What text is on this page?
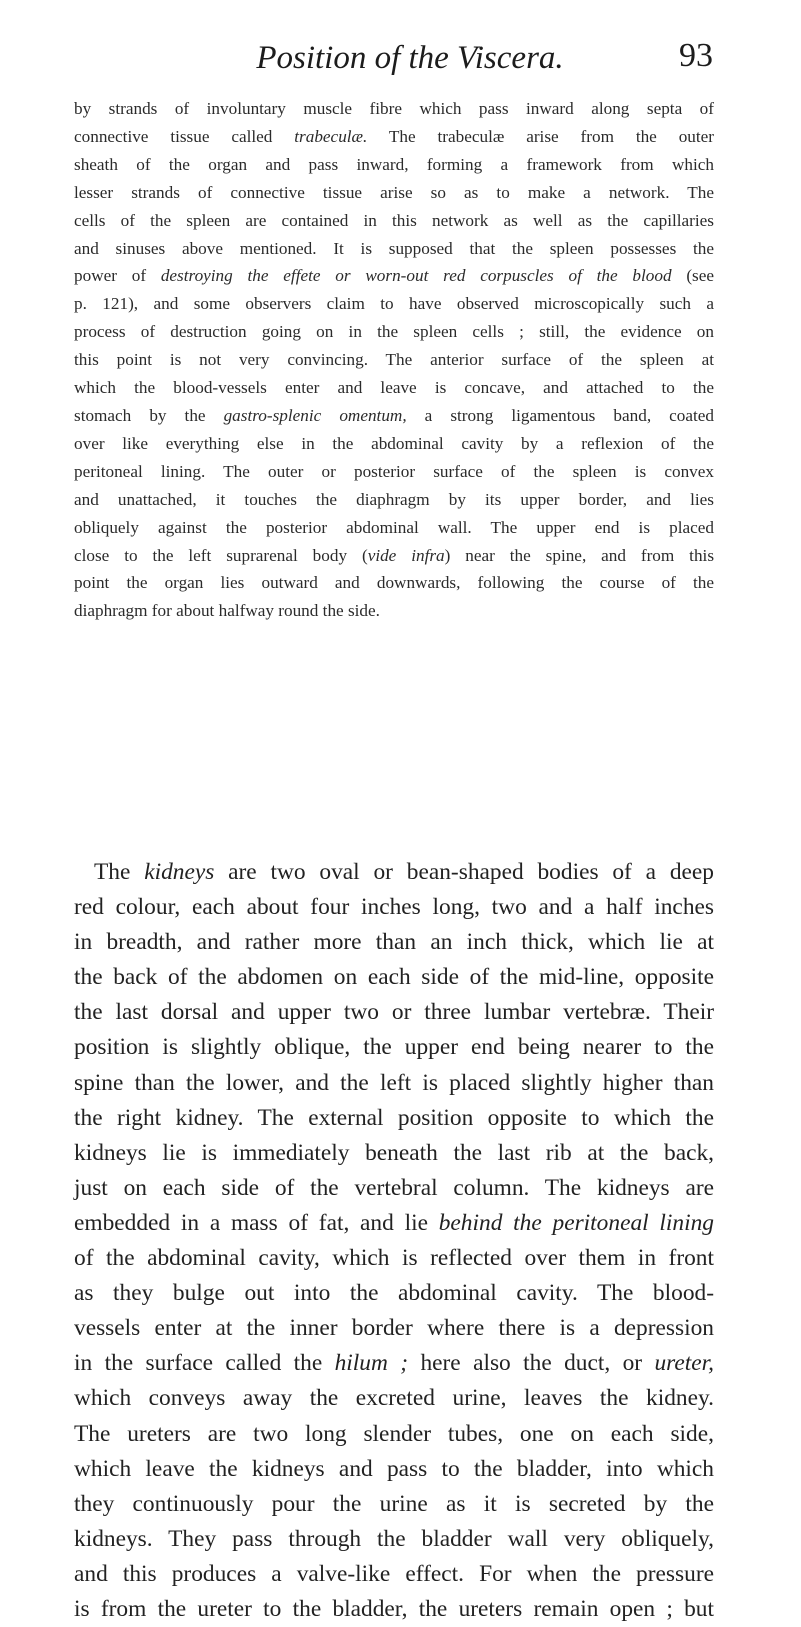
Position of the Viscera.	93
by strands of involuntary muscle fibre which pass inward along septa of
connective tissue called trabeculæ. The trabeculæ arise from the outer
sheath of the organ and pass inward, forming a framework from which
lesser strands of connective tissue arise so as to make a network. The
cells of the spleen are contained in this network as well as the capillaries
and sinuses above mentioned. It is supposed that the spleen possesses the
power of destroying the effete or worn-out red corpuscles of the blood (see
p. 121), and some observers claim to have observed microscopically such a
process of destruction going on in the spleen cells ; still, the evidence on
this point is not very convincing. The anterior surface of the spleen at
which the blood-vessels enter and leave is concave, and attached to the
stomach by the gastro-splenic omentum, a strong ligamentous band, coated
over like everything else in the abdominal cavity by a reflexion of the
peritoneal lining. The outer or posterior surface of the spleen is convex
and unattached, it touches the diaphragm by its upper border, and lies
obliquely against the posterior abdominal wall. The upper end is placed
close to the left suprarenal body (vide infra) near the spine, and from this
point the organ lies outward and downwards, following the course of the
diaphragm for about halfway round the side.
The kidneys are two oval or bean-shaped bodies of a deep
red colour, each about four inches long, two and a half inches
in breadth, and rather more than an inch thick, which lie at
the back of the abdomen on each side of the mid-line, opposite
the last dorsal and upper two or three lumbar vertebræ. Their
position is slightly oblique, the upper end being nearer to the
spine than the lower, and the left is placed slightly higher than
the right kidney. The external position opposite to which the
kidneys lie is immediately beneath the last rib at the back,
just on each side of the vertebral column. The kidneys are
embedded in a mass of fat, and lie behind the peritoneal lining
of the abdominal cavity, which is reflected over them in front
as they bulge out into the abdominal cavity. The blood-
vessels enter at the inner border where there is a depression
in the surface called the hilum ; here also the duct, or ureter,
which conveys away the excreted urine, leaves the kidney.
The ureters are two long slender tubes, one on each side,
which leave the kidneys and pass to the bladder, into which
they continuously pour the urine as it is secreted by the
kidneys. They pass through the bladder wall very obliquely,
and this produces a valve-like effect. For when the pressure
is from the ureter to the bladder, the ureters remain open ; but
